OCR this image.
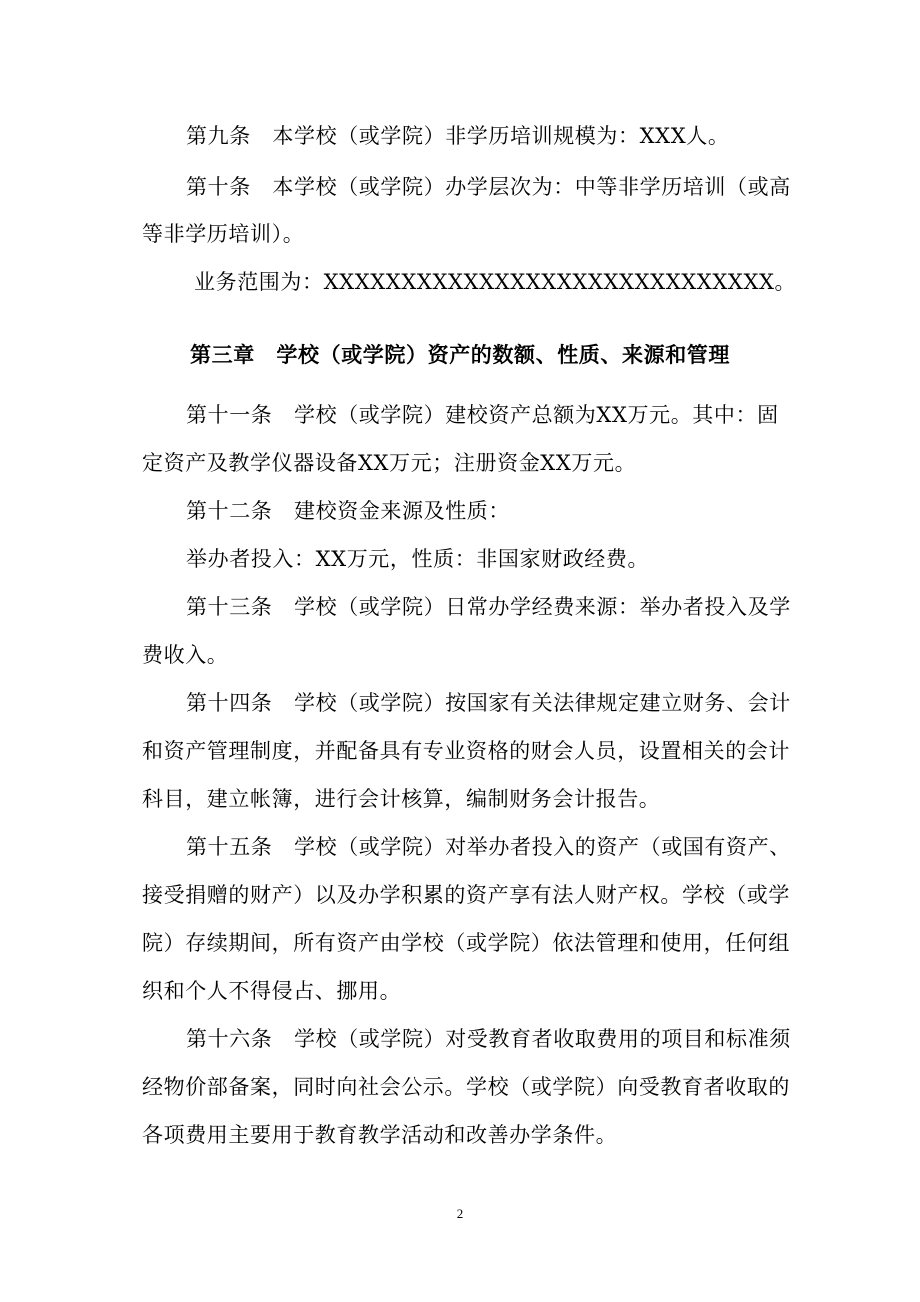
第九条　本学校（或学院）非学历培训规模为：XXX人。
第十条　本学校（或学院）办学层次为：中等非学历培训（或高
等非学历培训）。
业务范围为：XXXXXXXXXXXXXXXXXXXXXXXXXXXXX。
第三章　学校（或学院）资产的数额、性质、来源和管理
第十一条　学校（或学院）建校资产总额为XX万元。其中：固
定资产及教学仪器设备XX万元；注册资金XX万元。
第十二条　建校资金来源及性质：
举办者投入：XX万元，性质：非国家财政经费。
第十三条　学校（或学院）日常办学经费来源：举办者投入及学
费收入。
第十四条　学校（或学院）按国家有关法律规定建立财务、会计
和资产管理制度，并配备具有专业资格的财会人员，设置相关的会计
科目，建立帐簿，进行会计核算，编制财务会计报告。
第十五条　学校（或学院）对举办者投入的资产（或国有资产、
接受捐赠的财产）以及办学积累的资产享有法人财产权。学校（或学
院）存续期间，所有资产由学校（或学院）依法管理和使用，任何组
织和个人不得侵占、挪用。
第十六条　学校（或学院）对受教育者收取费用的项目和标准须
经物价部备案，同时向社会公示。学校（或学院）向受教育者收取的
各项费用主要用于教育教学活动和改善办学条件。
2
